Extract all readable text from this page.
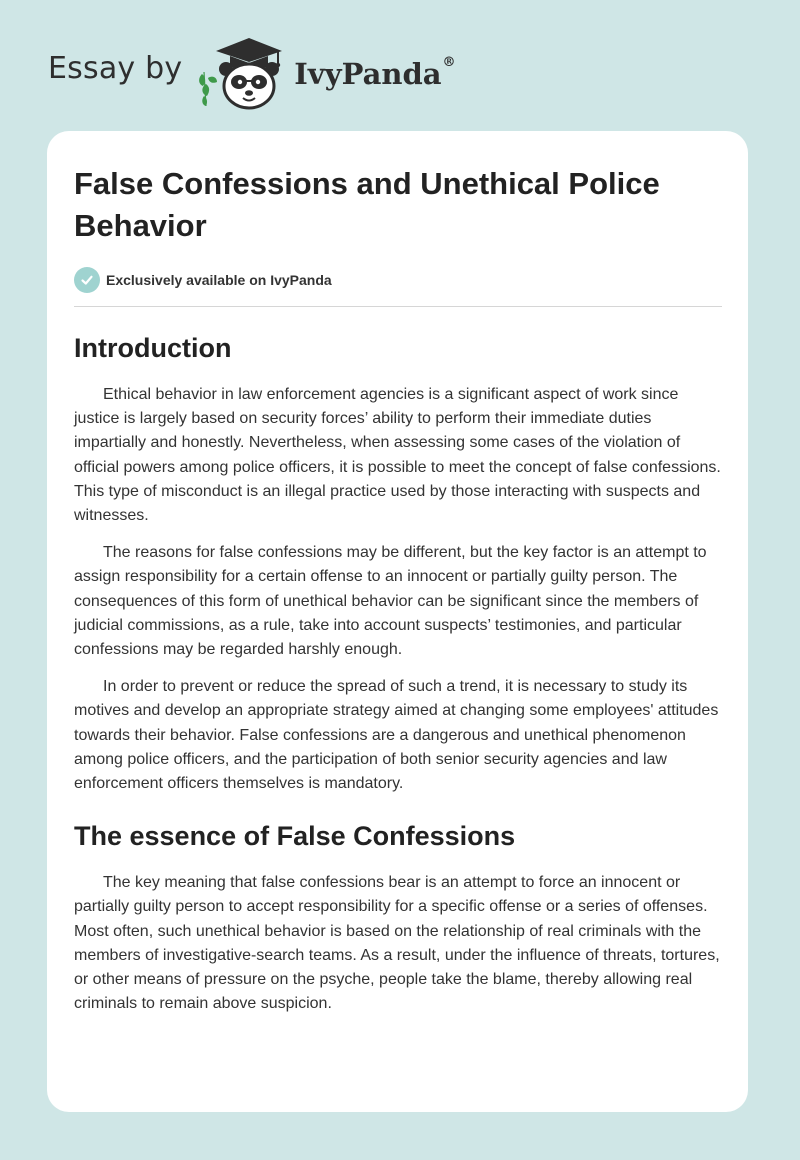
Essay by	IvyPanda®
False Confessions and Unethical Police Behavior
Exclusively available on IvyPanda
Introduction

Ethical behavior in law enforcement agencies is a significant aspect of work since justice is largely based on security forces’ ability to perform their immediate duties impartially and honestly. Nevertheless, when assessing some cases of the violation of official powers among police officers, it is possible to meet the concept of false confessions. This type of misconduct is an illegal practice used by those interacting with suspects and witnesses.

The reasons for false confessions may be different, but the key factor is an attempt to assign responsibility for a certain offense to an innocent or partially guilty person. The consequences of this form of unethical behavior can be significant since the members of judicial commissions, as a rule, take into account suspects’ testimonies, and particular confessions may be regarded harshly enough.

In order to prevent or reduce the spread of such a trend, it is necessary to study its motives and develop an appropriate strategy aimed at changing some employees' attitudes towards their behavior. False confessions are a dangerous and unethical phenomenon among police officers, and the participation of both senior security agencies and law enforcement officers themselves is mandatory.

The essence of False Confessions

The key meaning that false confessions bear is an attempt to force an innocent or partially guilty person to accept responsibility for a specific offense or a series of offenses. Most often, such unethical behavior is based on the relationship of real criminals with the members of investigative-search teams. As a result, under the influence of threats, tortures, or other means of pressure on the psyche, people take the blame, thereby allowing real criminals to remain above suspicion.
